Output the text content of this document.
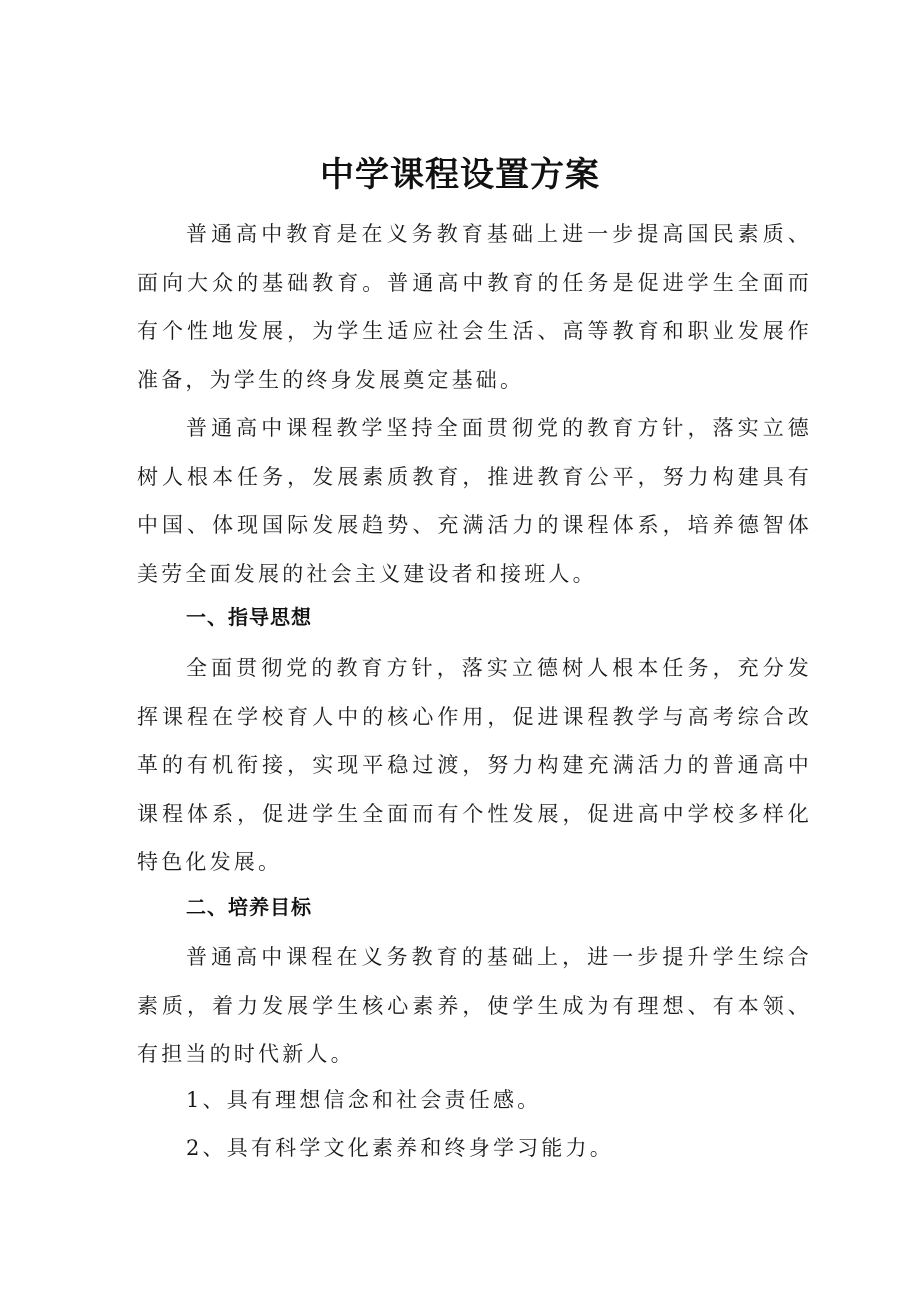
中学课程设置方案

普通高中教育是在义务教育基础上进一步提高国民素质、面向大众的基础教育。普通高中教育的任务是促进学生全面而有个性地发展，为学生适应社会生活、高等教育和职业发展作准备，为学生的终身发展奠定基础。

普通高中课程教学坚持全面贯彻党的教育方针，落实立德树人根本任务，发展素质教育，推进教育公平，努力构建具有中国、体现国际发展趋势、充满活力的课程体系，培养德智体美劳全面发展的社会主义建设者和接班人。

一、指导思想

全面贯彻党的教育方针，落实立德树人根本任务，充分发挥课程在学校育人中的核心作用，促进课程教学与高考综合改革的有机衔接，实现平稳过渡，努力构建充满活力的普通高中课程体系，促进学生全面而有个性发展，促进高中学校多样化特色化发展。

二、培养目标

普通高中课程在义务教育的基础上，进一步提升学生综合素质，着力发展学生核心素养，使学生成为有理想、有本领、有担当的时代新人。

1、具有理想信念和社会责任感。

2、具有科学文化素养和终身学习能力。
